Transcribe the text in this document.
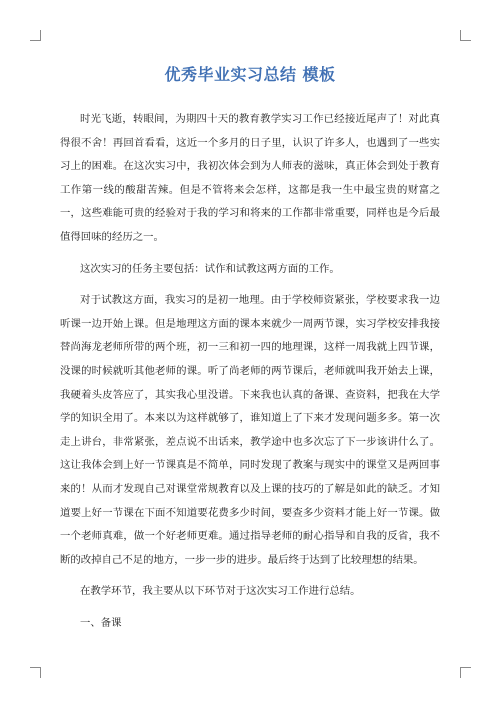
优秀毕业实习总结 模板

时光飞逝，转眼间，为期四十天的教育教学实习工作已经接近尾声了！对此真得很不舍！再回首看看，这近一个多月的日子里，认识了许多人，也遇到了一些实习上的困难。在这次实习中，我初次体会到为人师表的滋味，真正体会到处于教育工作第一线的酸甜苦辣。但是不管将来会怎样，这都是我一生中最宝贵的财富之一，这些难能可贵的经验对于我的学习和将来的工作都非常重要，同样也是今后最值得回味的经历之一。

这次实习的任务主要包括：试作和试教这两方面的工作。

对于试教这方面，我实习的是初一地理。由于学校师资紧张，学校要求我一边听课一边开始上课。但是地理这方面的课本来就少一周两节课，实习学校安排我接替尚海龙老师所带的两个班，初一三和初一四的地理课，这样一周我就上四节课，没课的时候就听其他老师的课。听了尚老师的两节课后，老师就叫我开始去上课，我硬着头皮答应了，其实我心里没谱。下来我也认真的备课、查资料，把我在大学学的知识全用了。本来以为这样就够了，谁知道上了下来才发现问题多多。第一次走上讲台，非常紧张，差点说不出话来，教学途中也多次忘了下一步该讲什么了。这让我体会到上好一节课真是不简单，同时发现了教案与现实中的课堂又是两回事来的！从而才发现自己对课堂常规教育以及上课的技巧的了解是如此的缺乏。才知道要上好一节课在下面不知道要花费多少时间，要查多少资料才能上好一节课。做一个老师真难，做一个好老师更难。通过指导老师的耐心指导和自我的反省，我不断的改掉自己不足的地方，一步一步的进步。最后终于达到了比较理想的结果。

在教学环节，我主要从以下环节对于这次实习工作进行总结。

一、备课
